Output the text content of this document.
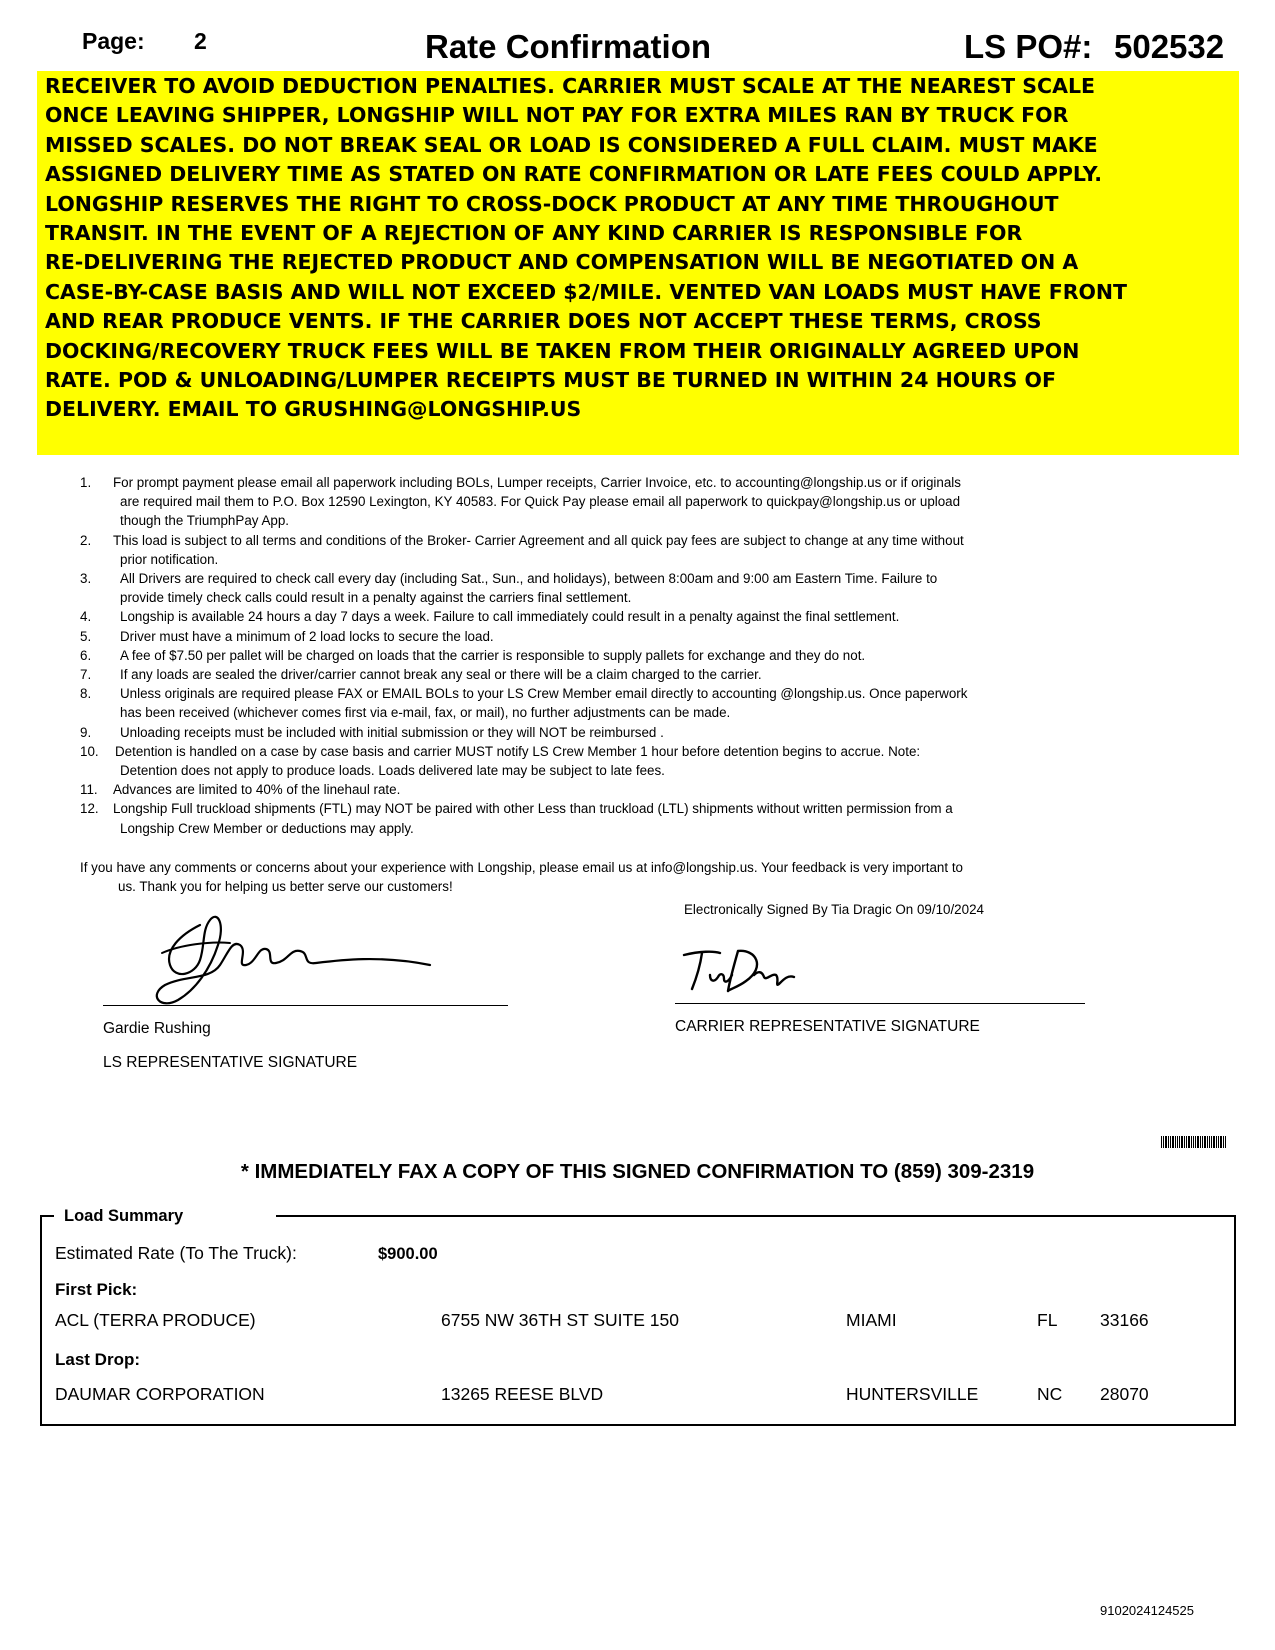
Page: 2	Rate Confirmation	LS PO#: 502532
RECEIVER TO AVOID DEDUCTION PENALTIES. CARRIER MUST SCALE AT THE NEAREST SCALE
ONCE LEAVING SHIPPER, LONGSHIP WILL NOT PAY FOR EXTRA MILES RAN BY TRUCK FOR
MISSED SCALES. DO NOT BREAK SEAL OR LOAD IS CONSIDERED A FULL CLAIM. MUST MAKE
ASSIGNED DELIVERY TIME AS STATED ON RATE CONFIRMATION OR LATE FEES COULD APPLY.
LONGSHIP RESERVES THE RIGHT TO CROSS-DOCK PRODUCT AT ANY TIME THROUGHOUT
TRANSIT. IN THE EVENT OF A REJECTION OF ANY KIND CARRIER IS RESPONSIBLE FOR
RE-DELIVERING THE REJECTED PRODUCT AND COMPENSATION WILL BE NEGOTIATED ON A
CASE-BY-CASE BASIS AND WILL NOT EXCEED $2/MILE. VENTED VAN LOADS MUST HAVE FRONT
AND REAR PRODUCE VENTS. IF THE CARRIER DOES NOT ACCEPT THESE TERMS, CROSS
DOCKING/RECOVERY TRUCK FEES WILL BE TAKEN FROM THEIR ORIGINALLY AGREED UPON
RATE. POD & UNLOADING/LUMPER RECEIPTS MUST BE TURNED IN WITHIN 24 HOURS OF
DELIVERY. EMAIL TO GRUSHING@LONGSHIP.US
1. For prompt payment please email all paperwork including BOLs, Lumper receipts, Carrier Invoice, etc. to accounting@longship.us or if originals
are required mail them to P.O. Box 12590 Lexington, KY 40583. For Quick Pay please email all paperwork to quickpay@longship.us or upload
though the TriumphPay App.
2. This load is subject to all terms and conditions of the Broker- Carrier Agreement and all quick pay fees are subject to change at any time without
prior notification.
3. All Drivers are required to check call every day (including Sat., Sun., and holidays), between 8:00am and 9:00 am Eastern Time. Failure to
provide timely check calls could result in a penalty against the carriers final settlement.
4. Longship is available 24 hours a day 7 days a week. Failure to call immediately could result in a penalty against the final settlement.
5. Driver must have a minimum of 2 load locks to secure the load.
6. A fee of $7.50 per pallet will be charged on loads that the carrier is responsible to supply pallets for exchange and they do not.
7. If any loads are sealed the driver/carrier cannot break any seal or there will be a claim charged to the carrier.
8. Unless originals are required please FAX or EMAIL BOLs to your LS Crew Member email directly to accounting @longship.us. Once paperwork
has been received (whichever comes first via e-mail, fax, or mail), no further adjustments can be made.
9. Unloading receipts must be included with initial submission or they will NOT be reimbursed .
10. Detention is handled on a case by case basis and carrier MUST notify LS Crew Member 1 hour before detention begins to accrue. Note:
Detention does not apply to produce loads. Loads delivered late may be subject to late fees.
11. Advances are limited to 40% of the linehaul rate.
12. Longship Full truckload shipments (FTL) may NOT be paired with other Less than truckload (LTL) shipments without written permission from a
Longship Crew Member or deductions may apply.
If you have any comments or concerns about your experience with Longship, please email us at info@longship.us. Your feedback is very important to
us. Thank you for helping us better serve our customers!
Electronically Signed By Tia Dragic On 09/10/2024
Gardie Rushing
LS REPRESENTATIVE SIGNATURE
CARRIER REPRESENTATIVE SIGNATURE
* IMMEDIATELY FAX A COPY OF THIS SIGNED CONFIRMATION TO (859) 309-2319
Load Summary
Estimated Rate (To The Truck):	$900.00
First Pick:
ACL (TERRA PRODUCE)	6755 NW 36TH ST SUITE 150	MIAMI	FL 33166
Last Drop:
DAUMAR CORPORATION	13265 REESE BLVD	HUNTERSVILLE	NC 28070
9102024124525
